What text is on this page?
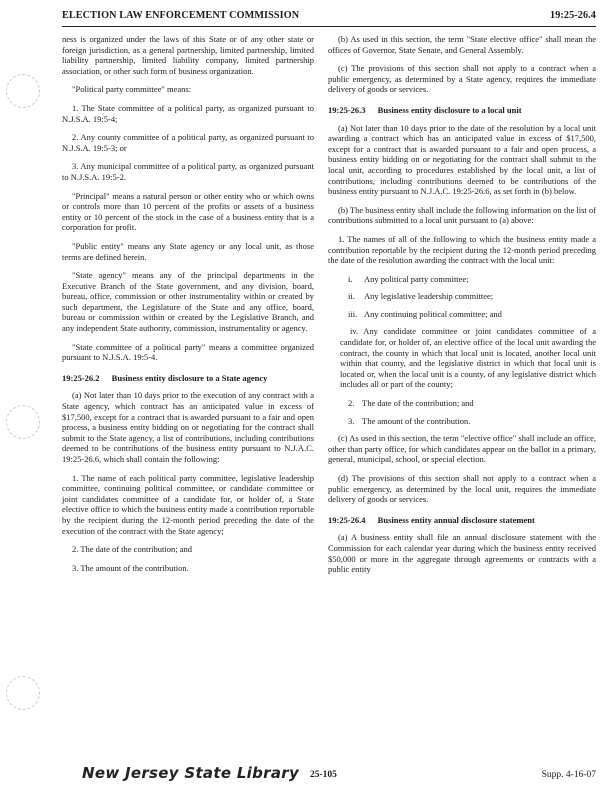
ELECTION LAW ENFORCEMENT COMMISSION	19:25-26.4

ness is organized under the laws of this State or of any other state or foreign jurisdiction, as a general partnership, limited partnership, limited liability partnership, limited liability company, limited partnership association, or other such form of business organization.

"Political party committee" means:

1. The State committee of a political party, as organized pursuant to N.J.S.A. 19:5-4;

2. Any county committee of a political party, as organized pursuant to N.J.S.A. 19:5-3; or

3. Any municipal committee of a political party, as organized pursuant to N.J.S.A. 19:5-2.

"Principal" means a natural person or other entity who or which owns or controls more than 10 percent of the profits or assets of a business entity or 10 percent of the stock in the case of a business entity that is a corporation for profit.

"Public entity" means any State agency or any local unit, as those terms are defined herein.

"State agency" means any of the principal departments in the Executive Branch of the State government, and any division, board, bureau, office, commission or other instrumentality within or created by such department, the Legislature of the State and any office, board, bureau or commission within or created by the Legislative Branch, and any independent State authority, commission, instrumentality or agency.

"State committee of a political party" means a committee organized pursuant to N.J.S.A. 19:5-4.

19:25-26.2 Business entity disclosure to a State agency

(a) Not later than 10 days prior to the execution of any contract with a State agency, which contract has an anticipated value in excess of $17,500, except for a contract that is awarded pursuant to a fair and open process, a business entity bidding on or negotiating for the contract shall submit to the State agency, a list of contributions, including contributions deemed to be contributions of the business entity pursuant to N.J.A.C. 19:25-26.6, which shall contain the following:

1. The name of each political party committee, legislative leadership committee, continuing political committee, or candidate committee or joint candidates committee of a candidate for, or holder of, a State elective office to which the business entity made a contribution reportable by the recipient during the 12-month period preceding the date of the execution of the contract with the State agency;

2. The date of the contribution; and

3. The amount of the contribution.

(b) As used in this section, the term "State elective office" shall mean the offices of Governor, State Senate, and General Assembly.

(c) The provisions of this section shall not apply to a contract when a public emergency, as determined by a State agency, requires the immediate delivery of goods or services.

19:25-26.3 Business entity disclosure to a local unit

(a) Not later than 10 days prior to the date of the resolution by a local unit awarding a contract which has an anticipated value in excess of $17,500, except for a contract that is awarded pursuant to a fair and open process, a business entity bidding on or negotiating for the contract shall submit to the local unit, according to procedures established by the local unit, a list of contributions, including contributions deemed to be contributions of the business entity pursuant to N.J.A.C. 19:25-26.6, as set forth in (b) below.

(b) The business entity shall include the following information on the list of contributions submitted to a local unit pursuant to (a) above:

1. The names of all of the following to which the business entity made a contribution reportable by the recipient during the 12-month period preceding the date of the resolution awarding the contract with the local unit:

i. Any political party committee;
ii. Any legislative leadership committee;
iii. Any continuing political committee; and

iv. Any candidate committee or joint candidates committee of a candidate for, or holder of, an elective office of the local unit awarding the contract, the county in which that local unit is located, another local unit within that county, and the legislative district in which that local unit is located or, when the local unit is a county, of any legislative district which includes all or part of the county;

2. The date of the contribution; and
3. The amount of the contribution.

(c) As used in this section, the term "elective office" shall include an office, other than party office, for which candidates appear on the ballot in a primary, general, municipal, school, or special election.

(d) The provisions of this section shall not apply to a contract when a public emergency, as determined by the local unit, requires the immediate delivery of goods or services.

19:25-26.4 Business entity annual disclosure statement

(a) A business entity shall file an annual disclosure statement with the Commission for each calendar year during which the business entity received $50,000 or more in the aggregate through agreements or contracts with a public entity

New Jersey State Library 25-105	Supp. 4-16-07
